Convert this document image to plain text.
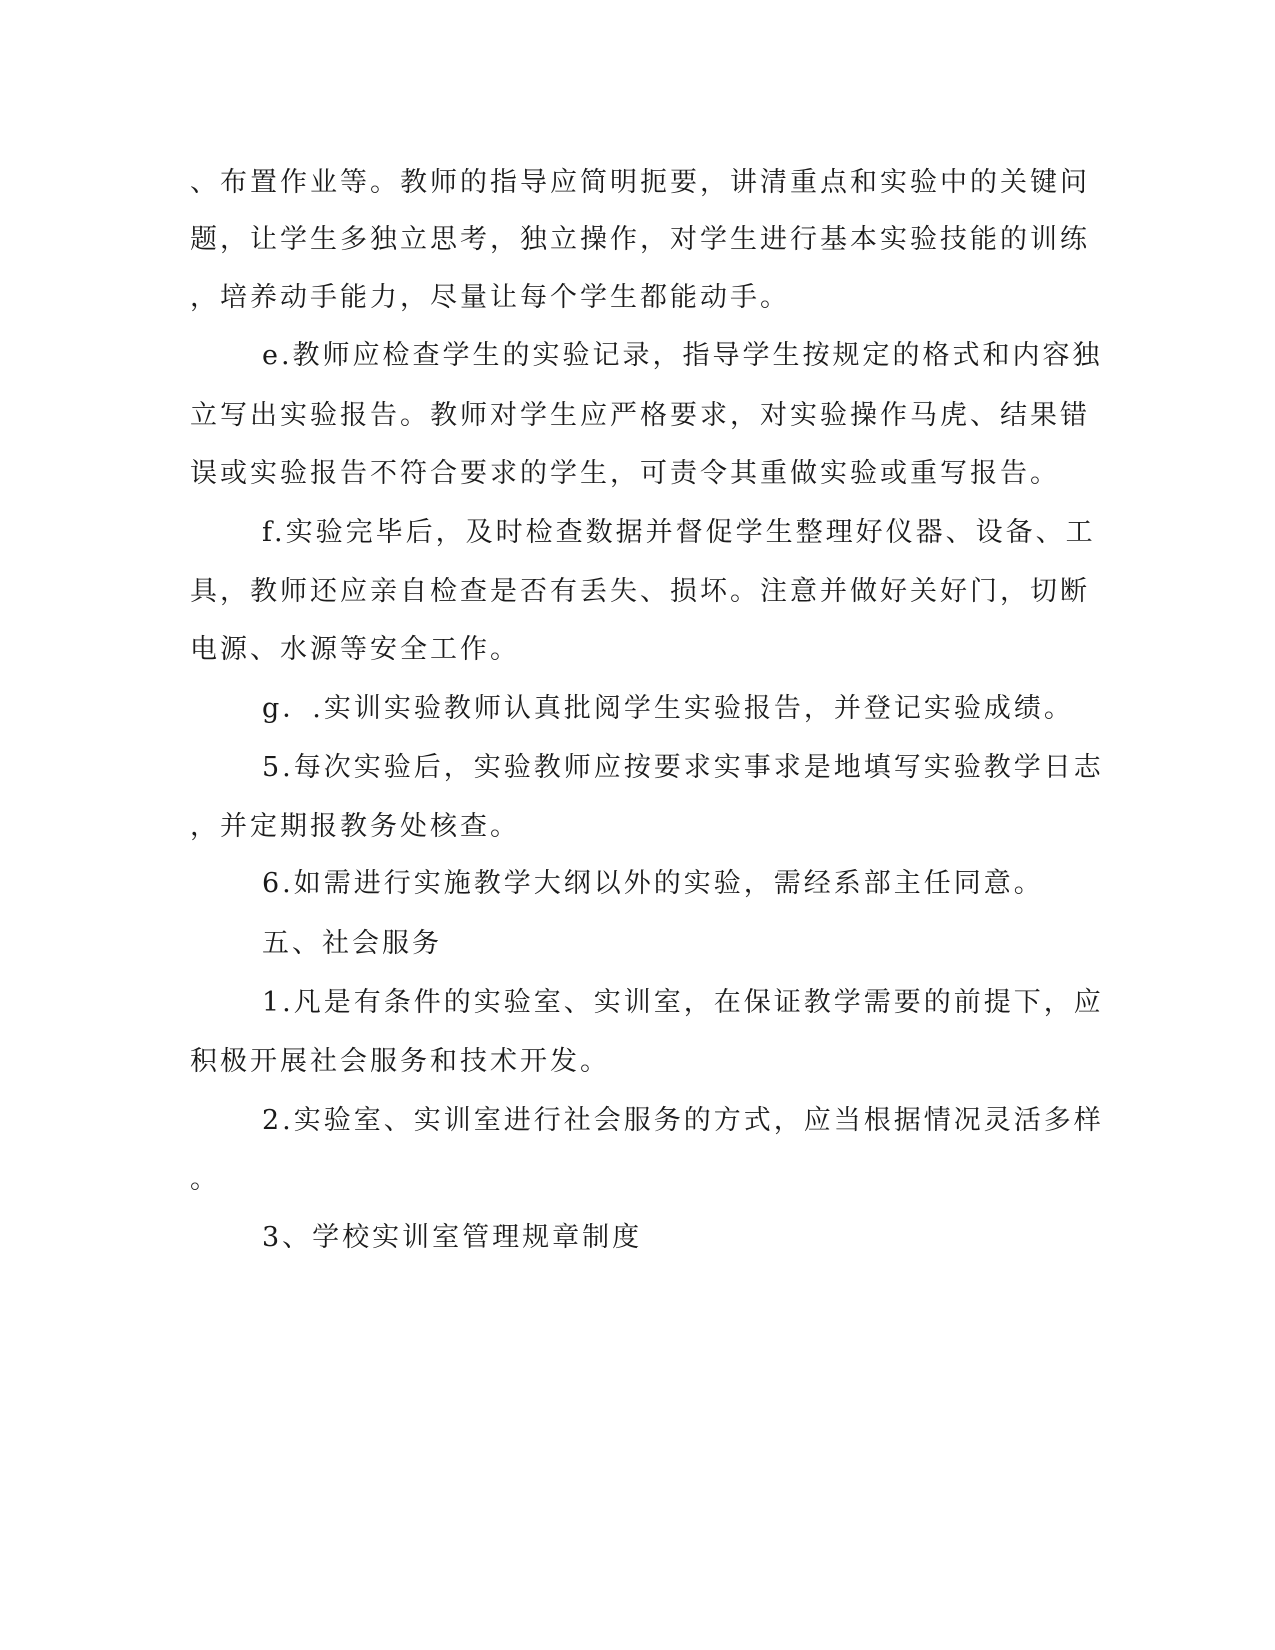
、布置作业等。教师的指导应简明扼要，讲清重点和实验中的关键问
题，让学生多独立思考，独立操作，对学生进行基本实验技能的训练
，培养动手能力，尽量让每个学生都能动手。
e.教师应检查学生的实验记录，指导学生按规定的格式和内容独
立写出实验报告。教师对学生应严格要求，对实验操作马虎、结果错
误或实验报告不符合要求的学生，可责令其重做实验或重写报告。
f.实验完毕后，及时检查数据并督促学生整理好仪器、设备、工
具，教师还应亲自检查是否有丢失、损坏。注意并做好关好门，切断
电源、水源等安全工作。
g．.实训实验教师认真批阅学生实验报告，并登记实验成绩。
5.每次实验后，实验教师应按要求实事求是地填写实验教学日志
，并定期报教务处核查。
6.如需进行实施教学大纲以外的实验，需经系部主任同意。
五、社会服务
1.凡是有条件的实验室、实训室，在保证教学需要的前提下，应
积极开展社会服务和技术开发。
2.实验室、实训室进行社会服务的方式，应当根据情况灵活多样
。
3、学校实训室管理规章制度
